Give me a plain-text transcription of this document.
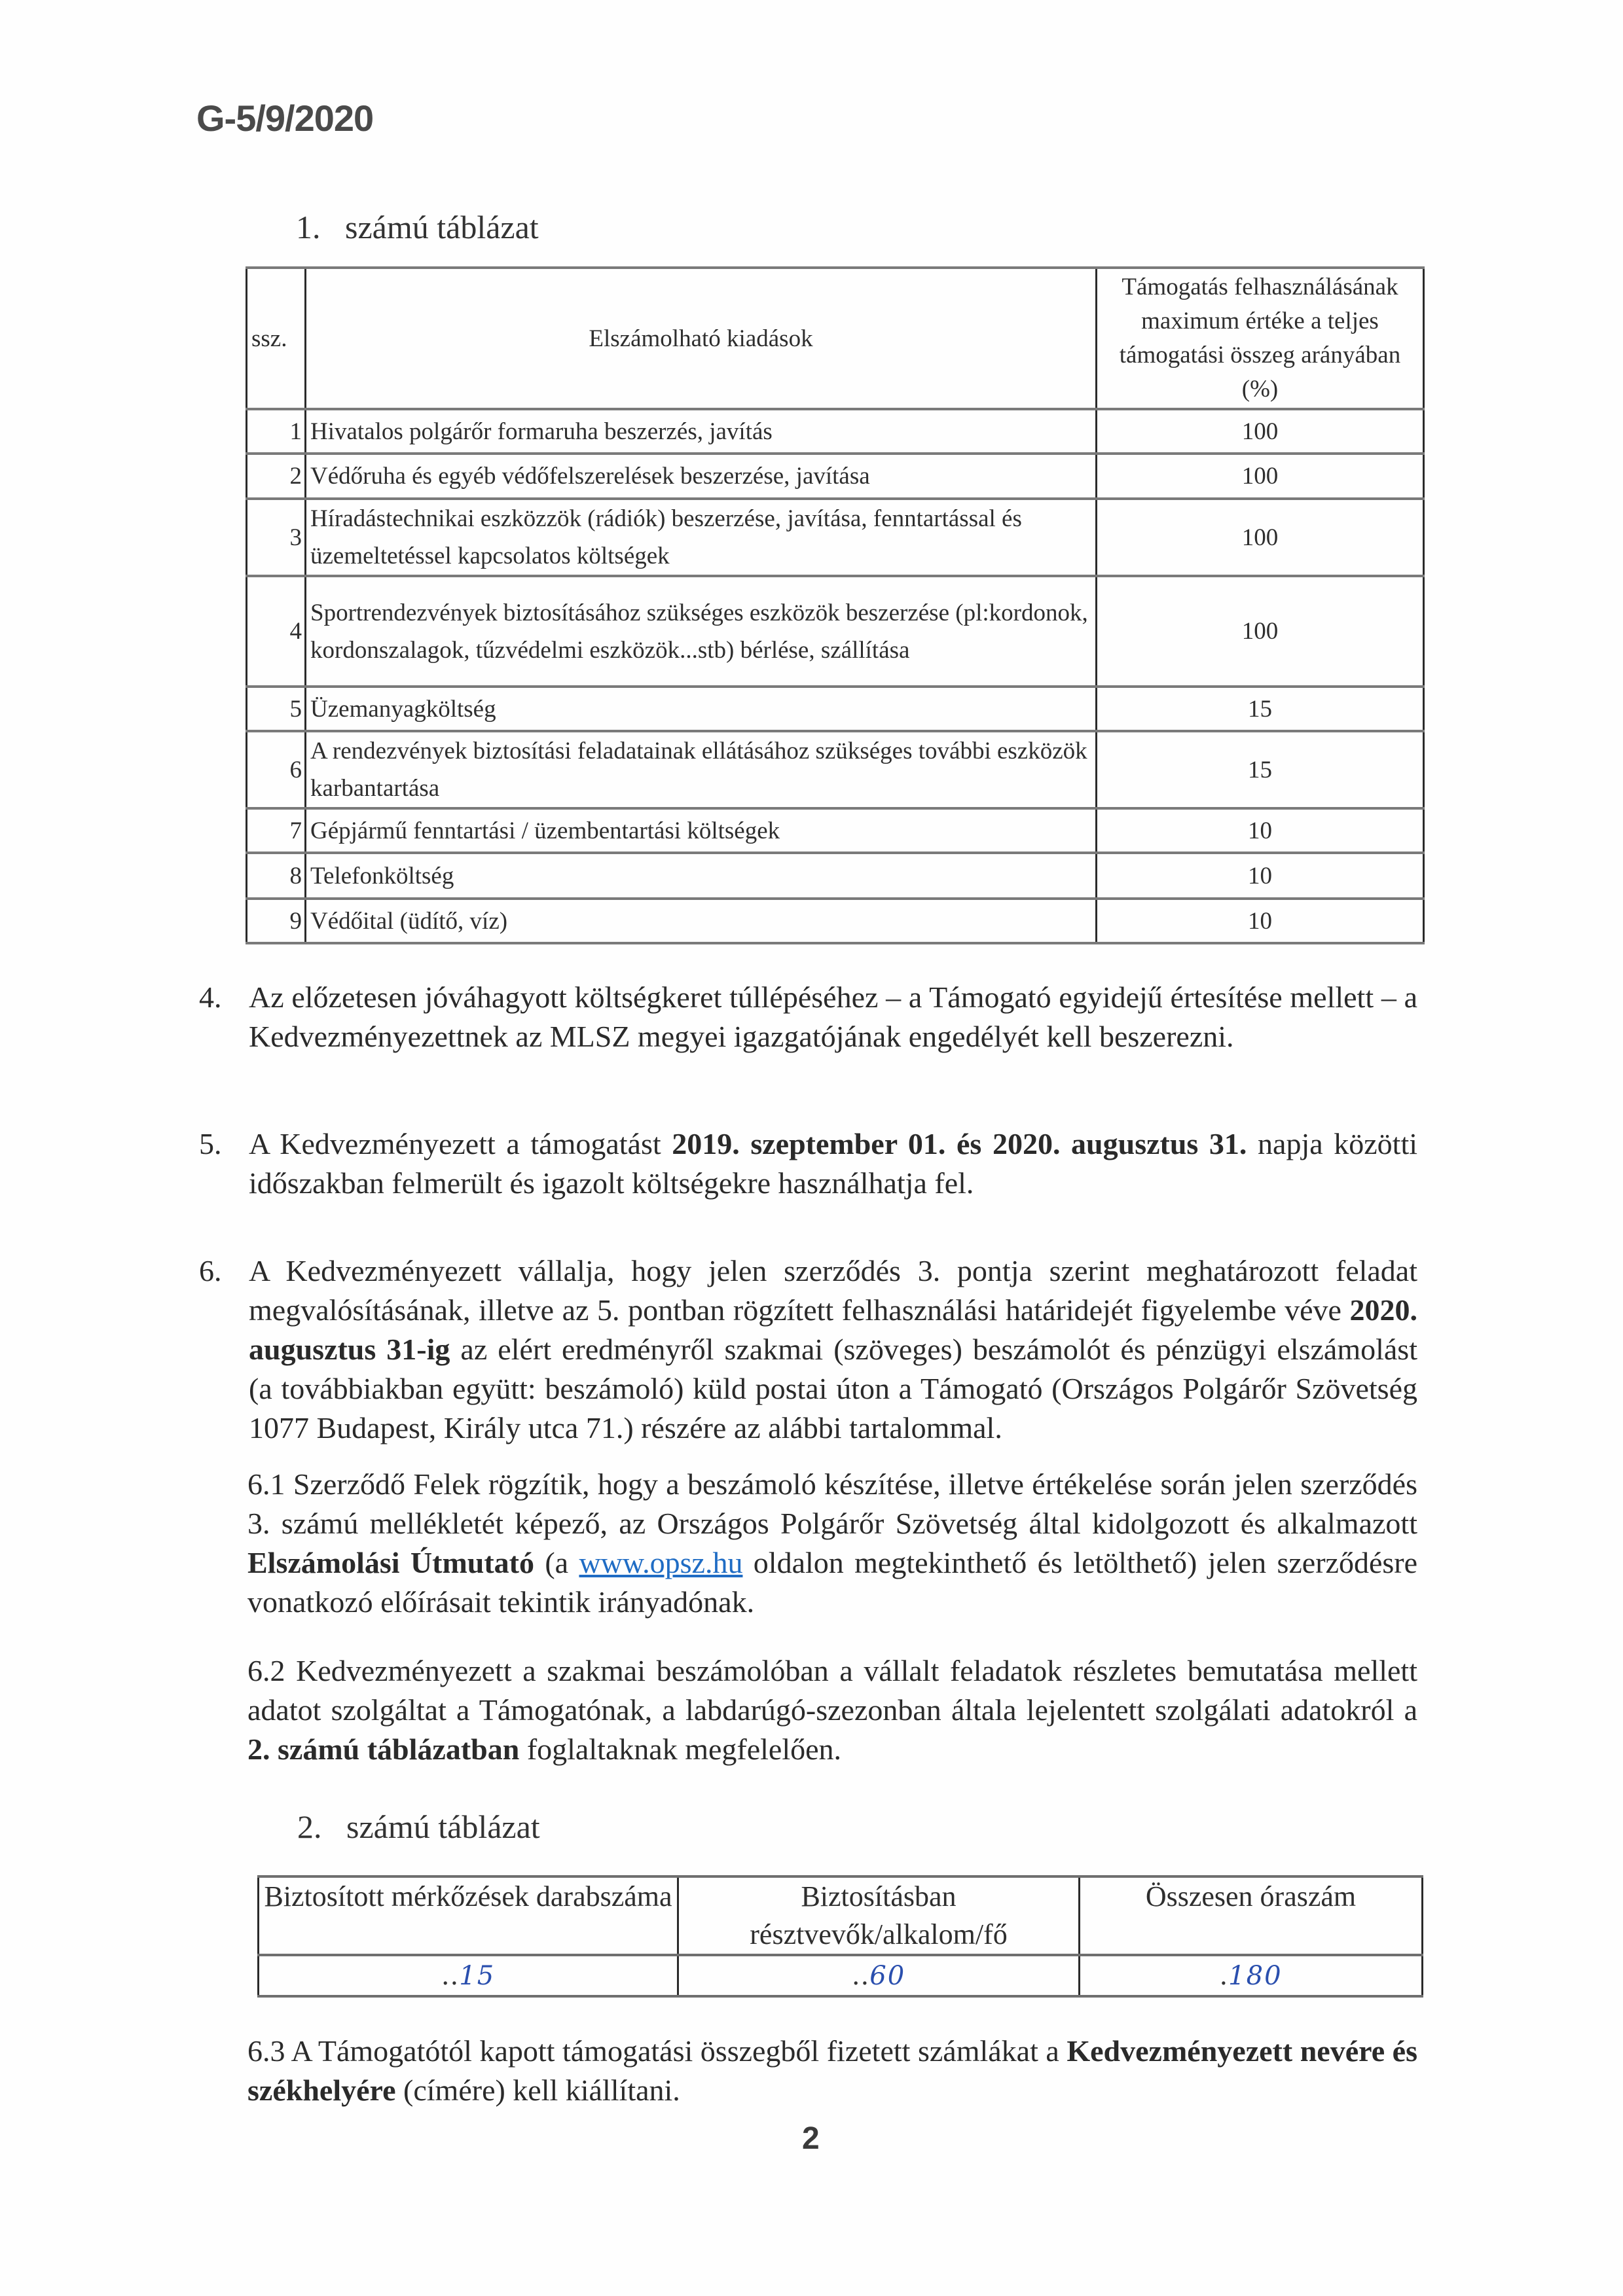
G-5/9/2020
1.   számú táblázat
ssz.	Elszámolható kiadások	Támogatás felhasználásának maximum értéke a teljes támogatási összeg arányában (%)
1	Hivatalos polgárőr formaruha beszerzés, javítás	100
2	Védőruha és egyéb védőfelszerelések beszerzése, javítása	100
3	Híradástechnikai eszközzök (rádiók) beszerzése, javítása, fenntartással és üzemeltetéssel kapcsolatos költségek	100
4	Sportrendezvények biztosításához szükséges eszközök beszerzése (pl:kordonok, kordonszalagok, tűzvédelmi eszközök...stb) bérlése, szállítása	100
5	Üzemanyagköltség	15
6	A rendezvények biztosítási feladatainak ellátásához szükséges további eszközök karbantartása	15
7	Gépjármű fenntartási / üzembentartási költségek	10
8	Telefonköltség	10
9	Védőital (üdítő, víz)	10
4. Az előzetesen jóváhagyott költségkeret túllépéséhez – a Támogató egyidejű értesítése mellett – a Kedvezményezettnek az MLSZ megyei igazgatójának engedélyét kell beszerezni.
5. A Kedvezményezett a támogatást 2019. szeptember 01. és 2020. augusztus 31. napja közötti időszakban felmerült és igazolt költségekre használhatja fel.
6. A Kedvezményezett vállalja, hogy jelen szerződés 3. pontja szerint meghatározott feladat megvalósításának, illetve az 5. pontban rögzített felhasználási határidejét figyelembe véve 2020. augusztus 31-ig az elért eredményről szakmai (szöveges) beszámolót és pénzügyi elszámolást (a továbbiakban együtt: beszámoló) küld postai úton a Támogató (Országos Polgárőr Szövetség 1077 Budapest, Király utca 71.) részére az alábbi tartalommal.
6.1 Szerződő Felek rögzítik, hogy a beszámoló készítése, illetve értékelése során jelen szerződés 3. számú mellékletét képező, az Országos Polgárőr Szövetség által kidolgozott és alkalmazott Elszámolási Útmutató (a www.opsz.hu oldalon megtekinthető és letölthető) jelen szerződésre vonatkozó előírásait tekintik irányadónak.
6.2 Kedvezményezett a szakmai beszámolóban a vállalt feladatok részletes bemutatása mellett adatot szolgáltat a Támogatónak, a labdarúgó-szezonban általa lejelentett szolgálati adatokról a 2. számú táblázatban foglaltaknak megfelelően.
2.   számú táblázat
Biztosított mérkőzések darabszáma	Biztosításban résztvevők/alkalom/fő	Összesen óraszám
..15	..60	.180
6.3 A Támogatótól kapott támogatási összegből fizetett számlákat a Kedvezményezett nevére és székhelyére (címére) kell kiállítani.
2
